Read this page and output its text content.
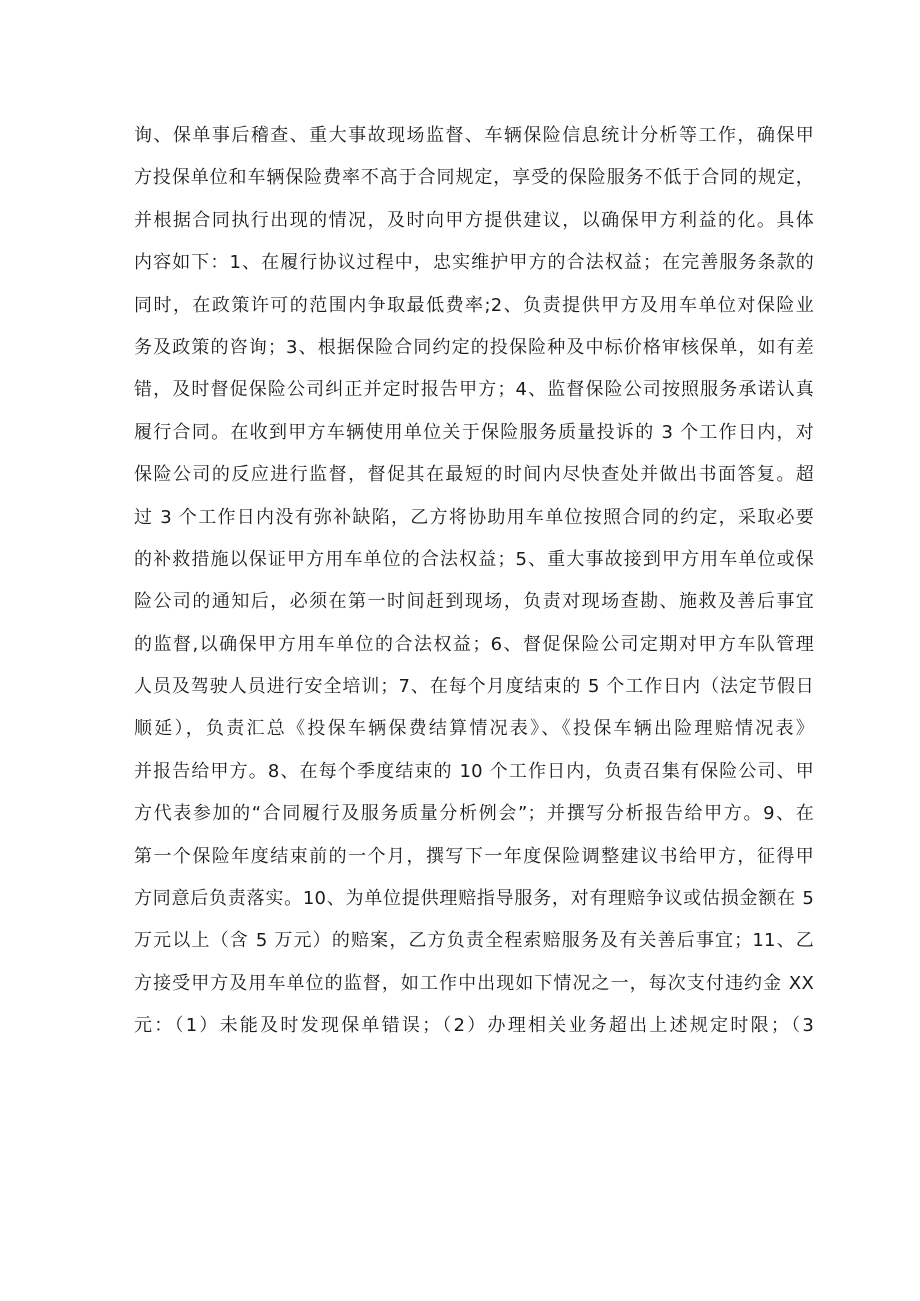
询、保单事后稽查、重大事故现场监督、车辆保险信息统计分析等工作，确保甲
方投保单位和车辆保险费率不高于合同规定，享受的保险服务不低于合同的规定，
并根据合同执行出现的情况，及时向甲方提供建议，以确保甲方利益的化。具体
内容如下：1、在履行协议过程中，忠实维护甲方的合法权益；在完善服务条款的
同时，在政策许可的范围内争取最低费率;2、负责提供甲方及用车单位对保险业
务及政策的咨询；3、根据保险合同约定的投保险种及中标价格审核保单，如有差
错，及时督促保险公司纠正并定时报告甲方；4、监督保险公司按照服务承诺认真
履行合同。在收到甲方车辆使用单位关于保险服务质量投诉的 3 个工作日内，对
保险公司的反应进行监督，督促其在最短的时间内尽快查处并做出书面答复。超
过 3 个工作日内没有弥补缺陷，乙方将协助用车单位按照合同的约定，采取必要
的补救措施以保证甲方用车单位的合法权益；5、重大事故接到甲方用车单位或保
险公司的通知后，必须在第一时间赶到现场，负责对现场查勘、施救及善后事宜
的监督,以确保甲方用车单位的合法权益；6、督促保险公司定期对甲方车队管理
人员及驾驶人员进行安全培训；7、在每个月度结束的 5 个工作日内（法定节假日
顺延），负责汇总《投保车辆保费结算情况表》、《投保车辆出险理赔情况表》
并报告给甲方。8、在每个季度结束的 10 个工作日内，负责召集有保险公司、甲
方代表参加的“合同履行及服务质量分析例会”；并撰写分析报告给甲方。9、在
第一个保险年度结束前的一个月，撰写下一年度保险调整建议书给甲方，征得甲
方同意后负责落实。10、为单位提供理赔指导服务，对有理赔争议或估损金额在 5
万元以上（含 5 万元）的赔案，乙方负责全程索赔服务及有关善后事宜；11、乙
方接受甲方及用车单位的监督，如工作中出现如下情况之一，每次支付违约金 XX
元：（1）未能及时发现保单错误；（2）办理相关业务超出上述规定时限；（3
